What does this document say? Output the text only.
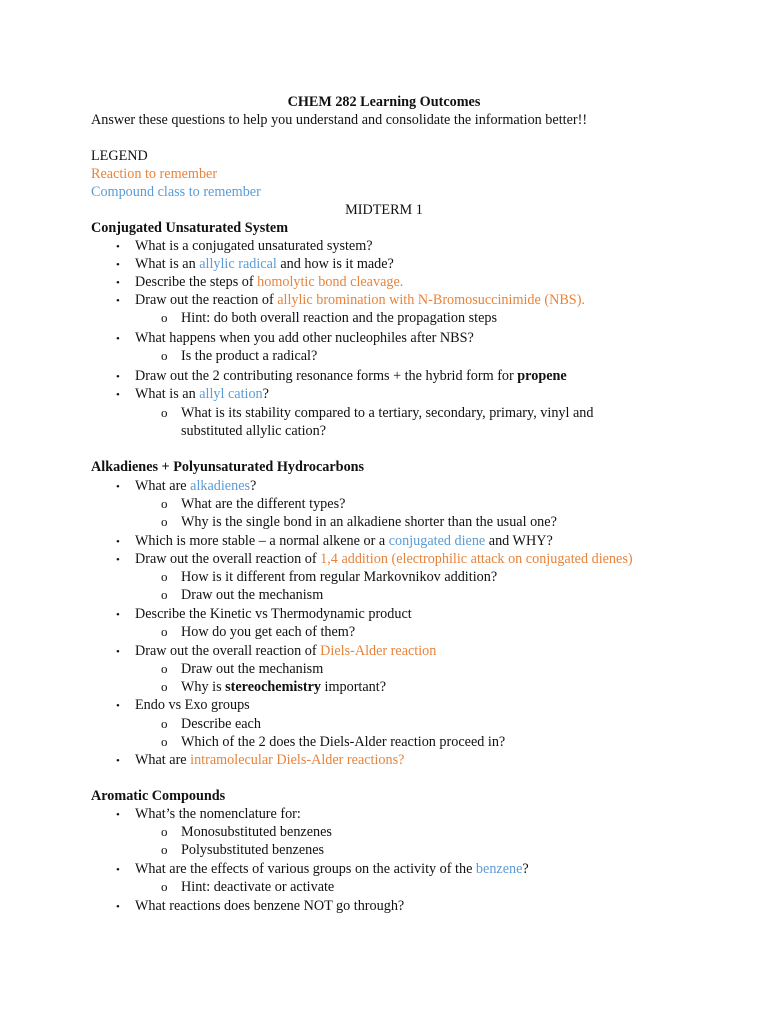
CHEM 282 Learning Outcomes
Answer these questions to help you understand and consolidate the information better!!
LEGEND
Reaction to remember
Compound class to remember
MIDTERM 1
Conjugated Unsaturated System
• What is a conjugated unsaturated system?
• What is an allylic radical and how is it made?
• Describe the steps of homolytic bond cleavage.
• Draw out the reaction of allylic bromination with N-Bromosuccinimide (NBS).
o Hint: do both overall reaction and the propagation steps
• What happens when you add other nucleophiles after NBS?
o Is the product a radical?
• Draw out the 2 contributing resonance forms + the hybrid form for propene
• What is an allyl cation?
o What is its stability compared to a tertiary, secondary, primary, vinyl and
substituted allylic cation?
Alkadienes + Polyunsaturated Hydrocarbons
• What are alkadienes?
o What are the different types?
o Why is the single bond in an alkadiene shorter than the usual one?
• Which is more stable – a normal alkene or a conjugated diene and WHY?
• Draw out the overall reaction of 1,4 addition (electrophilic attack on conjugated dienes)
o How is it different from regular Markovnikov addition?
o Draw out the mechanism
• Describe the Kinetic vs Thermodynamic product
o How do you get each of them?
• Draw out the overall reaction of Diels-Alder reaction
o Draw out the mechanism
o Why is stereochemistry important?
• Endo vs Exo groups
o Describe each
o Which of the 2 does the Diels-Alder reaction proceed in?
• What are intramolecular Diels-Alder reactions?
Aromatic Compounds
• What’s the nomenclature for:
o Monosubstituted benzenes
o Polysubstituted benzenes
• What are the effects of various groups on the activity of the benzene?
o Hint: deactivate or activate
• What reactions does benzene NOT go through?
